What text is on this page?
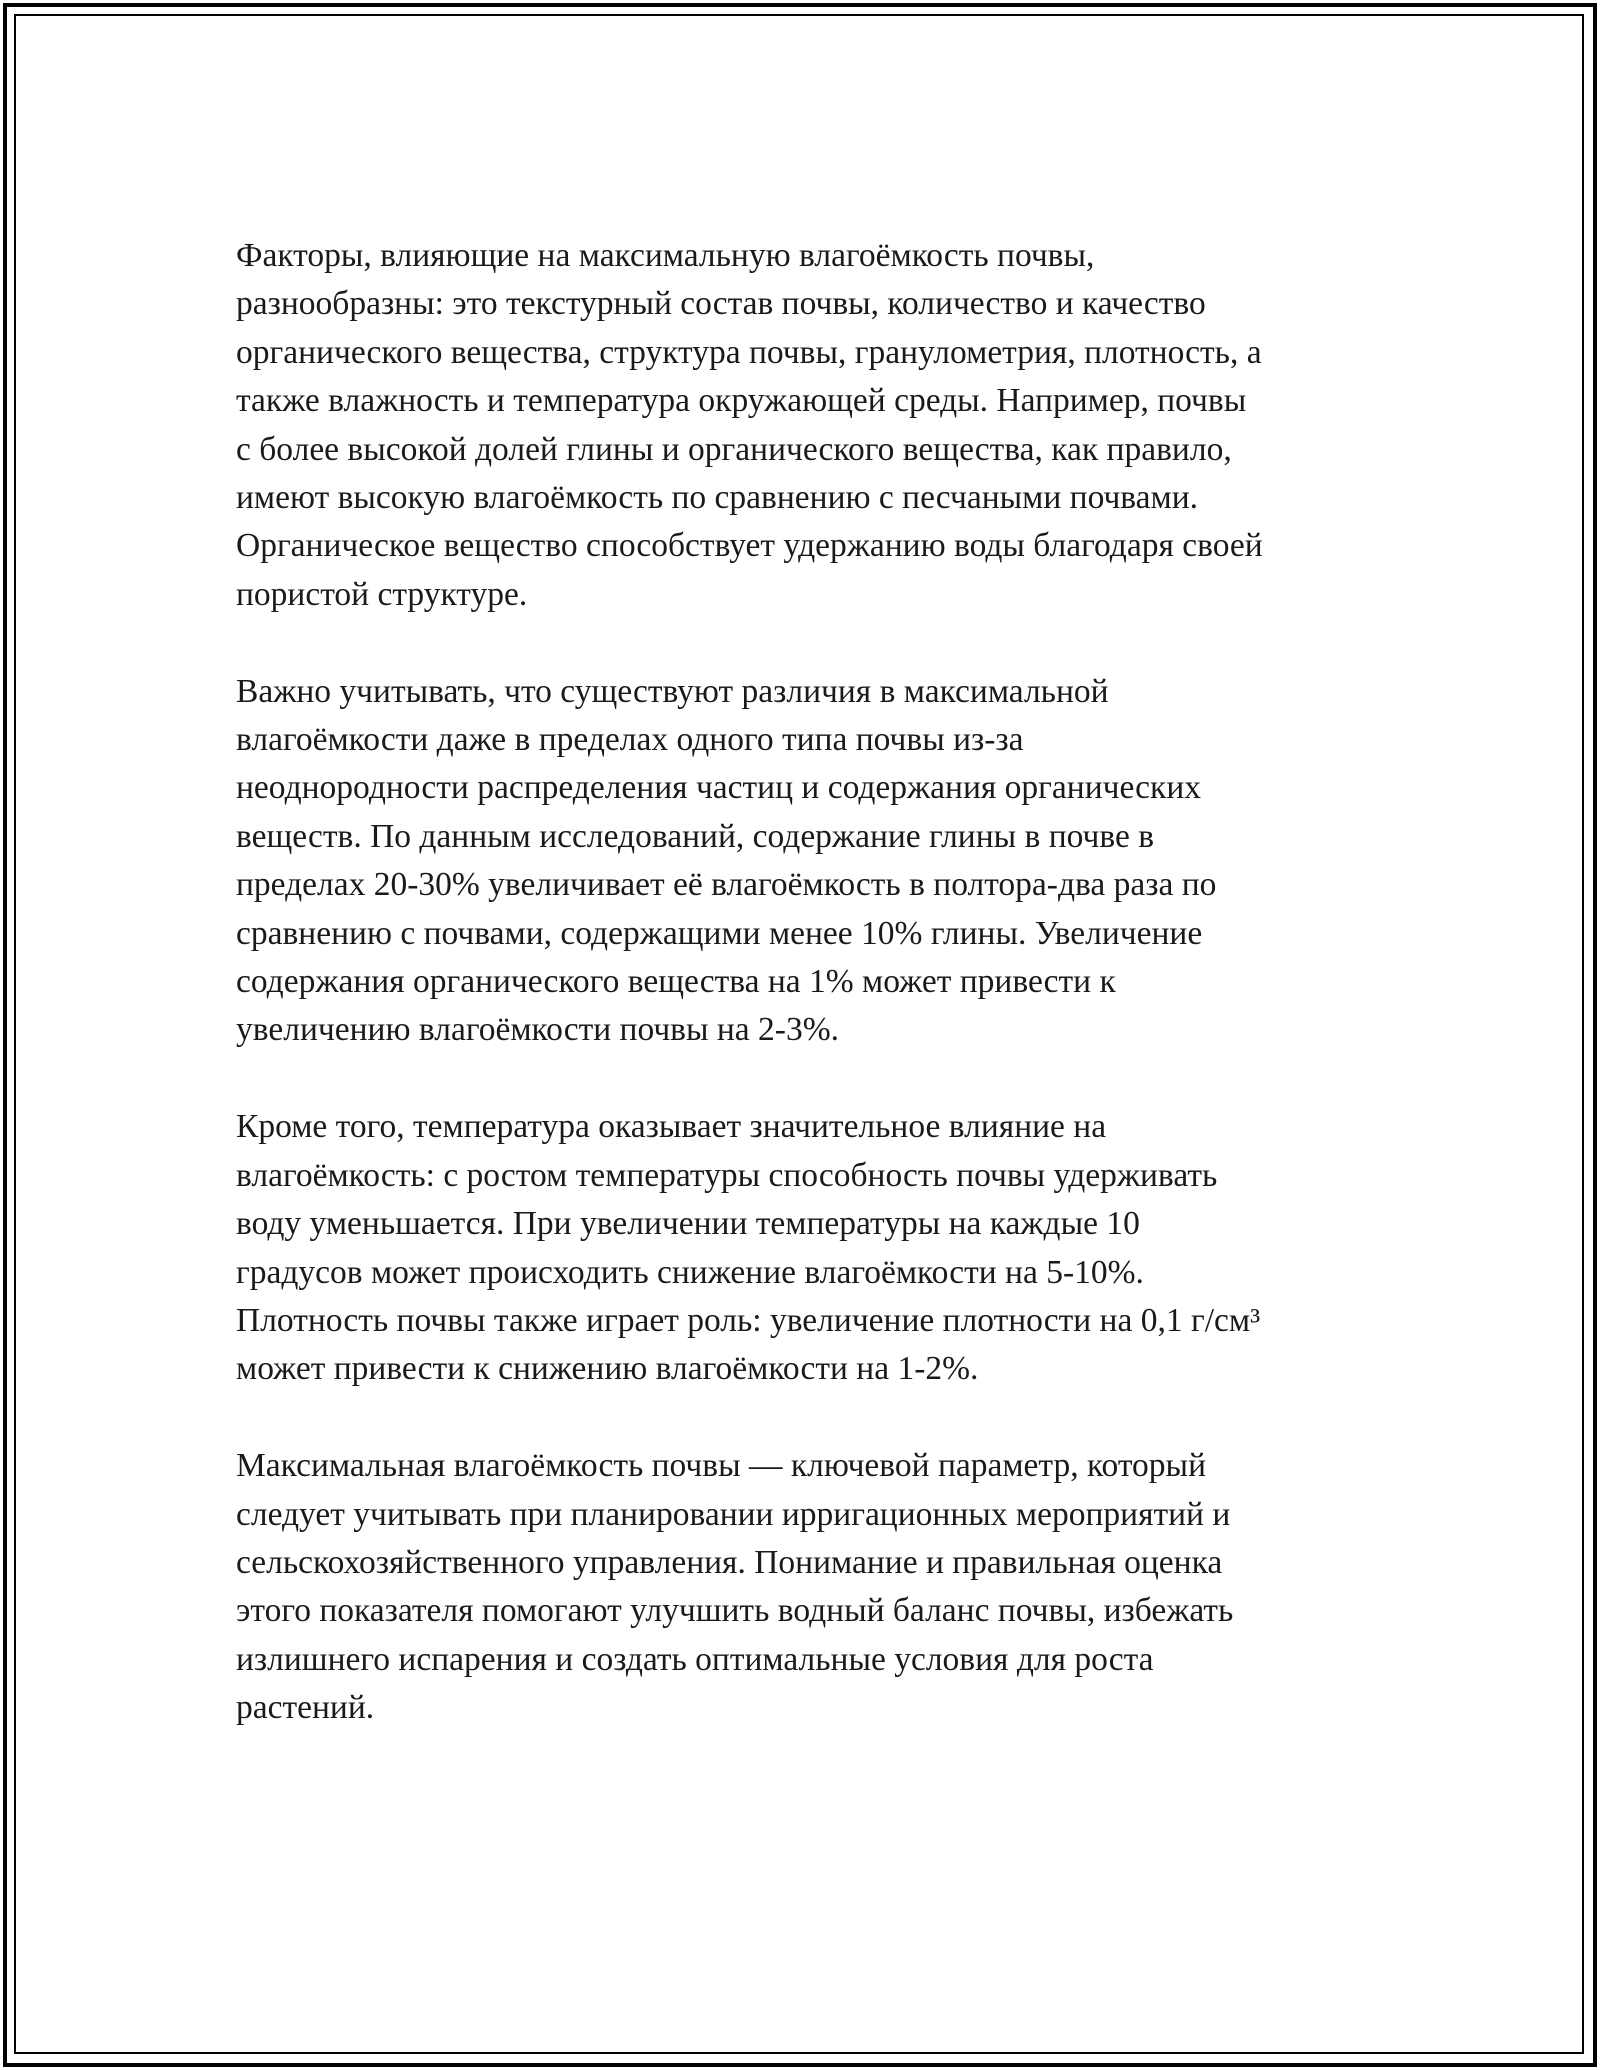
Факторы, влияющие на максимальную влагоёмкость почвы,
разнообразны: это текстурный состав почвы, количество и качество
органического вещества, структура почвы, гранулометрия, плотность, а
также влажность и температура окружающей среды. Например, почвы
с более высокой долей глины и органического вещества, как правило,
имеют высокую влагоёмкость по сравнению с песчаными почвами.
Органическое вещество способствует удержанию воды благодаря своей
пористой структуре.

Важно учитывать, что существуют различия в максимальной
влагоёмкости даже в пределах одного типа почвы из-за
неоднородности распределения частиц и содержания органических
веществ. По данным исследований, содержание глины в почве в
пределах 20-30% увеличивает её влагоёмкость в полтора-два раза по
сравнению с почвами, содержащими менее 10% глины. Увеличение
содержания органического вещества на 1% может привести к
увеличению влагоёмкости почвы на 2-3%.

Кроме того, температура оказывает значительное влияние на
влагоёмкость: с ростом температуры способность почвы удерживать
воду уменьшается. При увеличении температуры на каждые 10
градусов может происходить снижение влагоёмкости на 5-10%.
Плотность почвы также играет роль: увеличение плотности на 0,1 г/см³
может привести к снижению влагоёмкости на 1-2%.

Максимальная влагоёмкость почвы — ключевой параметр, который
следует учитывать при планировании ирригационных мероприятий и
сельскохозяйственного управления. Понимание и правильная оценка
этого показателя помогают улучшить водный баланс почвы, избежать
излишнего испарения и создать оптимальные условия для роста
растений.
